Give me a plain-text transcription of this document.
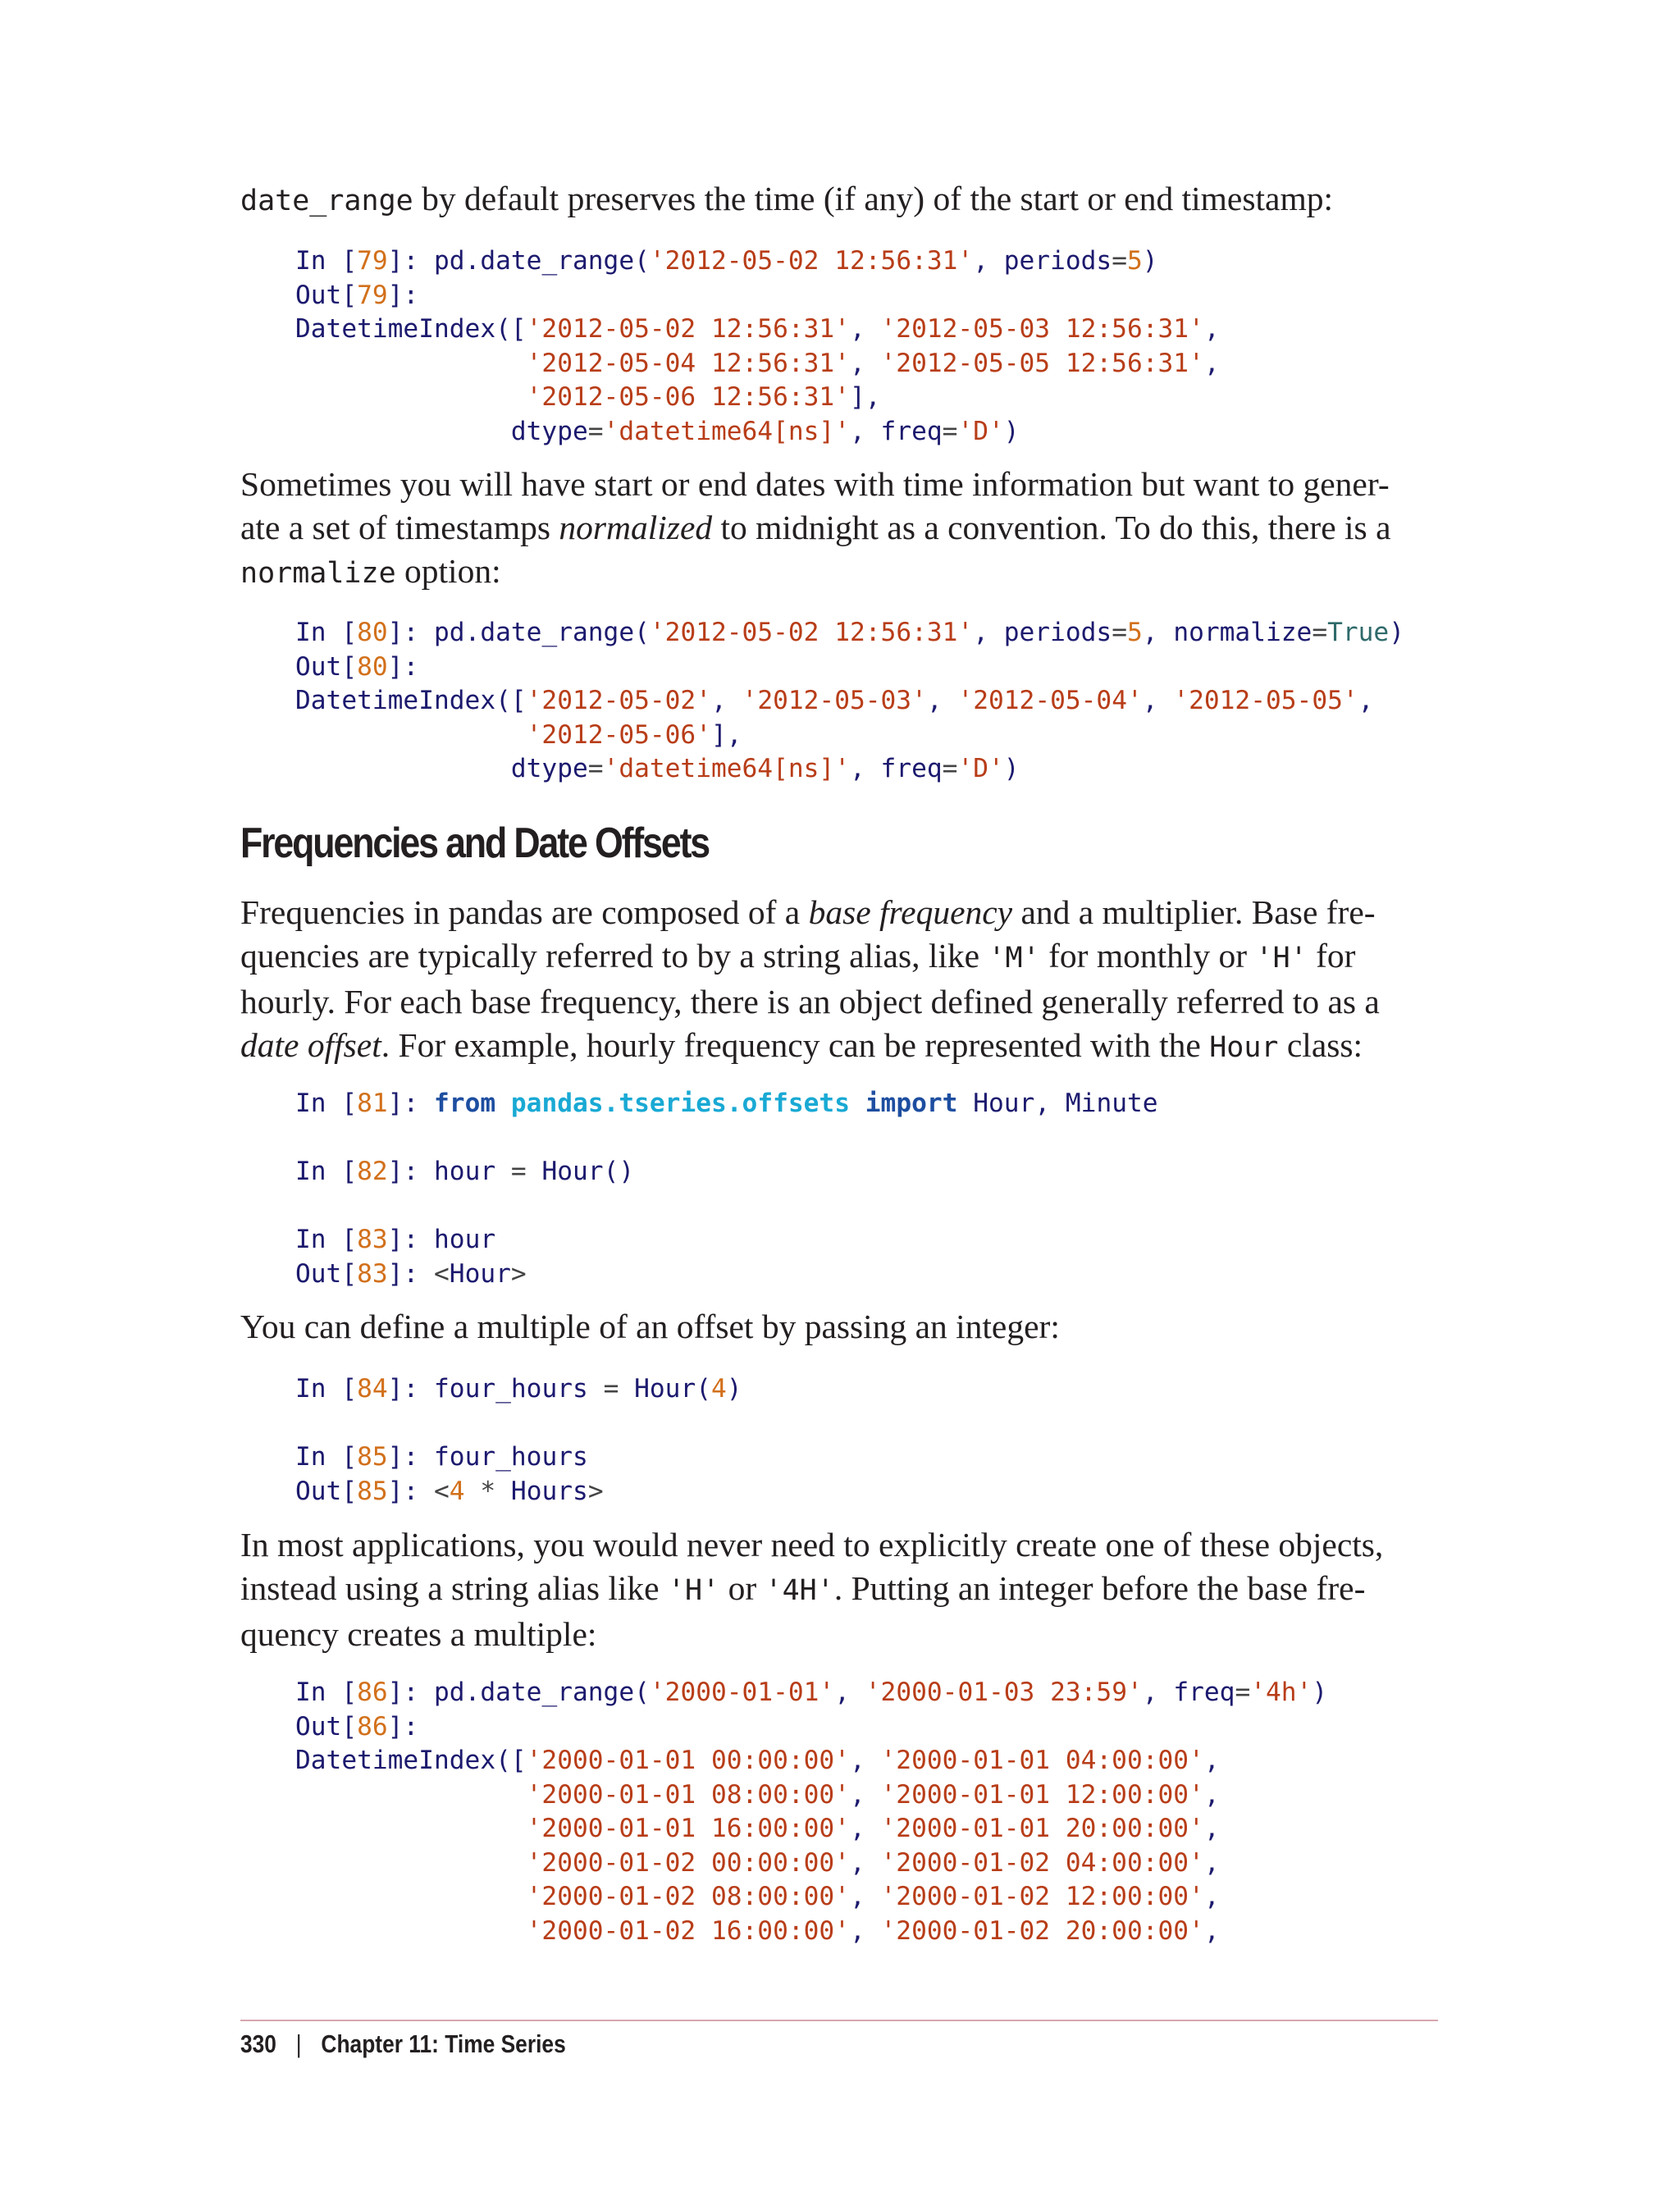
date_range by default preserves the time (if any) of the start or end timestamp:

In [79]: pd.date_range('2012-05-02 12:56:31', periods=5)
Out[79]:
DatetimeIndex(['2012-05-02 12:56:31', '2012-05-03 12:56:31',
'2012-05-04 12:56:31', '2012-05-05 12:56:31',
'2012-05-06 12:56:31'],
dtype='datetime64[ns]', freq='D')

Sometimes you will have start or end dates with time information but want to gener-
ate a set of timestamps normalized to midnight as a convention. To do this, there is a
normalize option:

In [80]: pd.date_range('2012-05-02 12:56:31', periods=5, normalize=True)
Out[80]:
DatetimeIndex(['2012-05-02', '2012-05-03', '2012-05-04', '2012-05-05',
'2012-05-06'],
dtype='datetime64[ns]', freq='D')
Frequencies and Date Offsets

Frequencies in pandas are composed of a base frequency and a multiplier. Base fre-
quencies are typically referred to by a string alias, like 'M' for monthly or 'H' for
hourly. For each base frequency, there is an object defined generally referred to as a
date offset. For example, hourly frequency can be represented with the Hour class:

In [81]: from pandas.tseries.offsets import Hour, Minute

In [82]: hour = Hour()

In [83]: hour
Out[83]: <Hour>

You can define a multiple of an offset by passing an integer:

In [84]: four_hours = Hour(4)

In [85]: four_hours
Out[85]: <4 * Hours>

In most applications, you would never need to explicitly create one of these objects,
instead using a string alias like 'H' or '4H'. Putting an integer before the base fre-
quency creates a multiple:

In [86]: pd.date_range('2000-01-01', '2000-01-03 23:59', freq='4h')
Out[86]:
DatetimeIndex(['2000-01-01 00:00:00', '2000-01-01 04:00:00',
'2000-01-01 08:00:00', '2000-01-01 12:00:00',
'2000-01-01 16:00:00', '2000-01-01 20:00:00',
'2000-01-02 00:00:00', '2000-01-02 04:00:00',
'2000-01-02 08:00:00', '2000-01-02 12:00:00',
'2000-01-02 16:00:00', '2000-01-02 20:00:00',
330 | Chapter 11: Time Series
